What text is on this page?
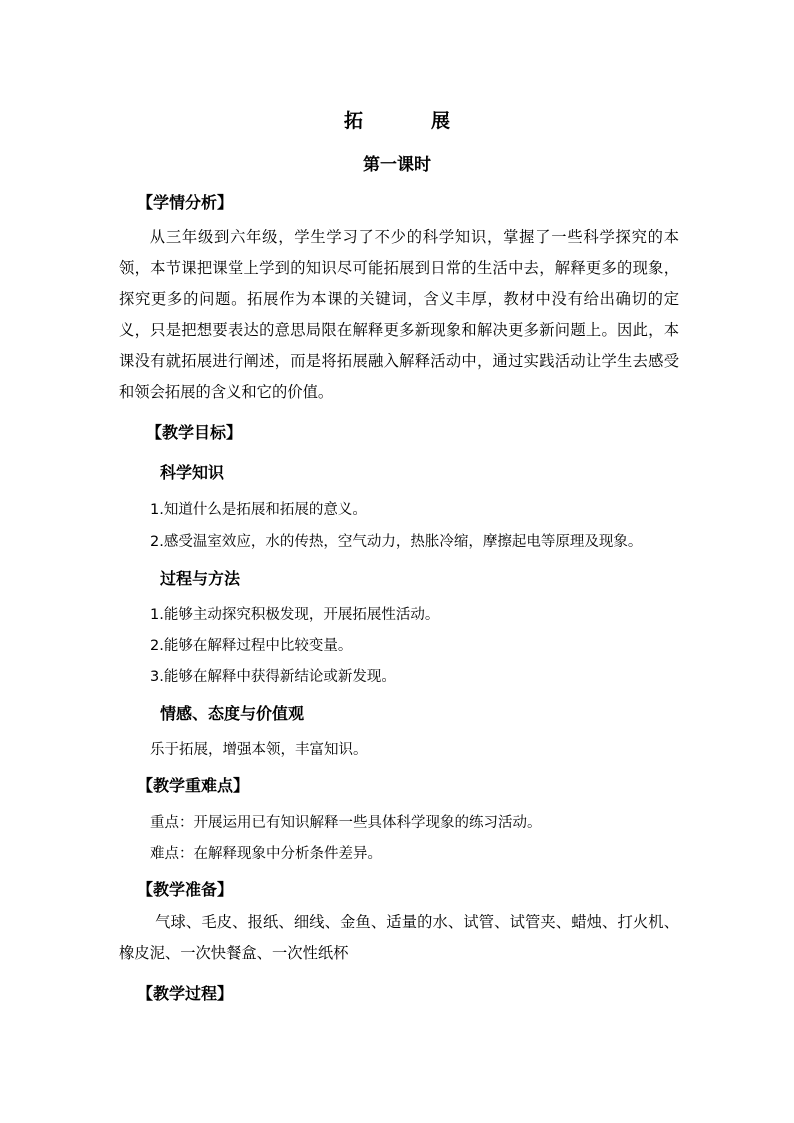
拓	展
第一课时
【学情分析】

从三年级到六年级，学生学习了不少的科学知识，掌握了一些科学探究的本领，本节课把课堂上学到的知识尽可能拓展到日常的生活中去，解释更多的现象，探究更多的问题。拓展作为本课的关键词，含义丰厚，教材中没有给出确切的定义，只是把想要表达的意思局限在解释更多新现象和解决更多新问题上。因此，本课没有就拓展进行阐述，而是将拓展融入解释活动中，通过实践活动让学生去感受和领会拓展的含义和它的价值。

【教学目标】
科学知识
1.知道什么是拓展和拓展的意义。
2.感受温室效应，水的传热，空气动力，热胀冷缩，摩擦起电等原理及现象。
过程与方法
1.能够主动探究积极发现，开展拓展性活动。
2.能够在解释过程中比较变量。
3.能够在解释中获得新结论或新发现。
情感、态度与价值观
乐于拓展，增强本领，丰富知识。
【教学重难点】
重点：开展运用已有知识解释一些具体科学现象的练习活动。
难点：在解释现象中分析条件差异。
【教学准备】

气球、毛皮、报纸、细线、金鱼、适量的水、试管、试管夹、蜡烛、打火机、橡皮泥、一次快餐盒、一次性纸杯

【教学过程】
